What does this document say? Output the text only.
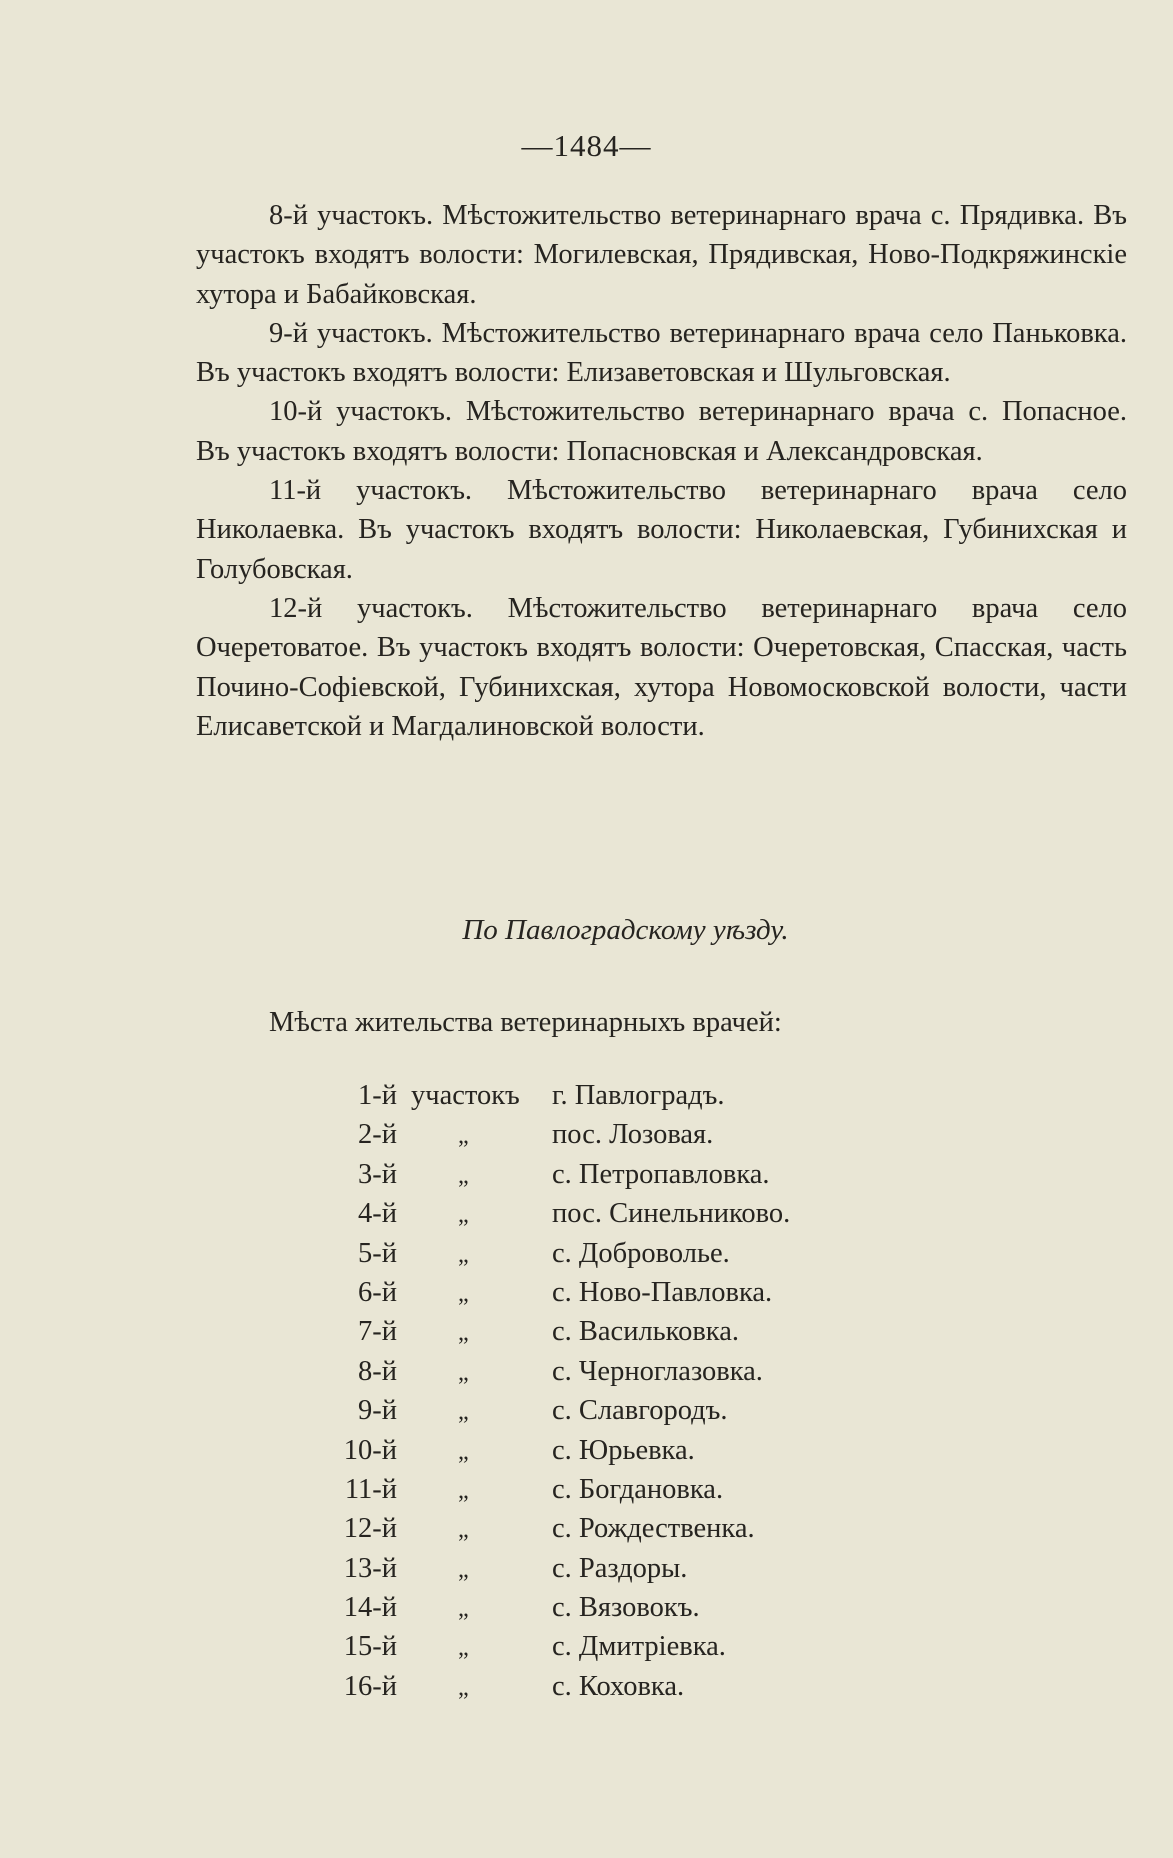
—1484—

8-й участокъ. Мѣстожительство ветеринарнаго врача с. Прядивка. Въ участокъ входятъ волости: Могилевская, Прядивская, Ново-Подкряжинскіе хутора и Бабайковская.

9-й участокъ. Мѣстожительство ветеринарнаго врача село Паньковка. Въ участокъ входятъ волости: Елизаветовская и Шульговская.

10-й участокъ. Мѣстожительство ветеринарнаго врача с. Попасное. Въ участокъ входятъ волости: Попасновская и Александровская.

11-й участокъ. Мѣстожительство ветеринарнаго врача село Николаевка. Въ участокъ входятъ волости: Николаевская, Губинихская и Голубовская.

12-й участокъ. Мѣстожительство ветеринарнаго врача село Очеретоватое. Въ участокъ входятъ волости: Очеретовская, Спасская, часть Почино-Софіевской, Губинихская, хутора Новомосковской волости, части Елисаветской и Магдалиновской волости.

По Павлоградскому уѣзду.
Мѣста жительства ветеринарныхъ врачей:
1-й участокъ г. Павлоградъ.
2-й	„	пос. Лозовая.
3-й	„	с. Петропавловка.
4-й	„	пос. Синельниково.
5-й	„	с. Добровольe.
6-й	„	с. Ново-Павловка.
7-й	„	с. Васильковка.
8-й	„	с. Черноглазовка.
9-й	„	с. Славгородъ.
10-й	„	с. Юрьевка.
11-й	„	с. Богдановка.
12-й	„	с. Рождественка.
13-й	„	с. Раздоры.
14-й	„	с. Вязовокъ.
15-й	„	с. Дмитріевка.
16-й	„	с. Коховка.
